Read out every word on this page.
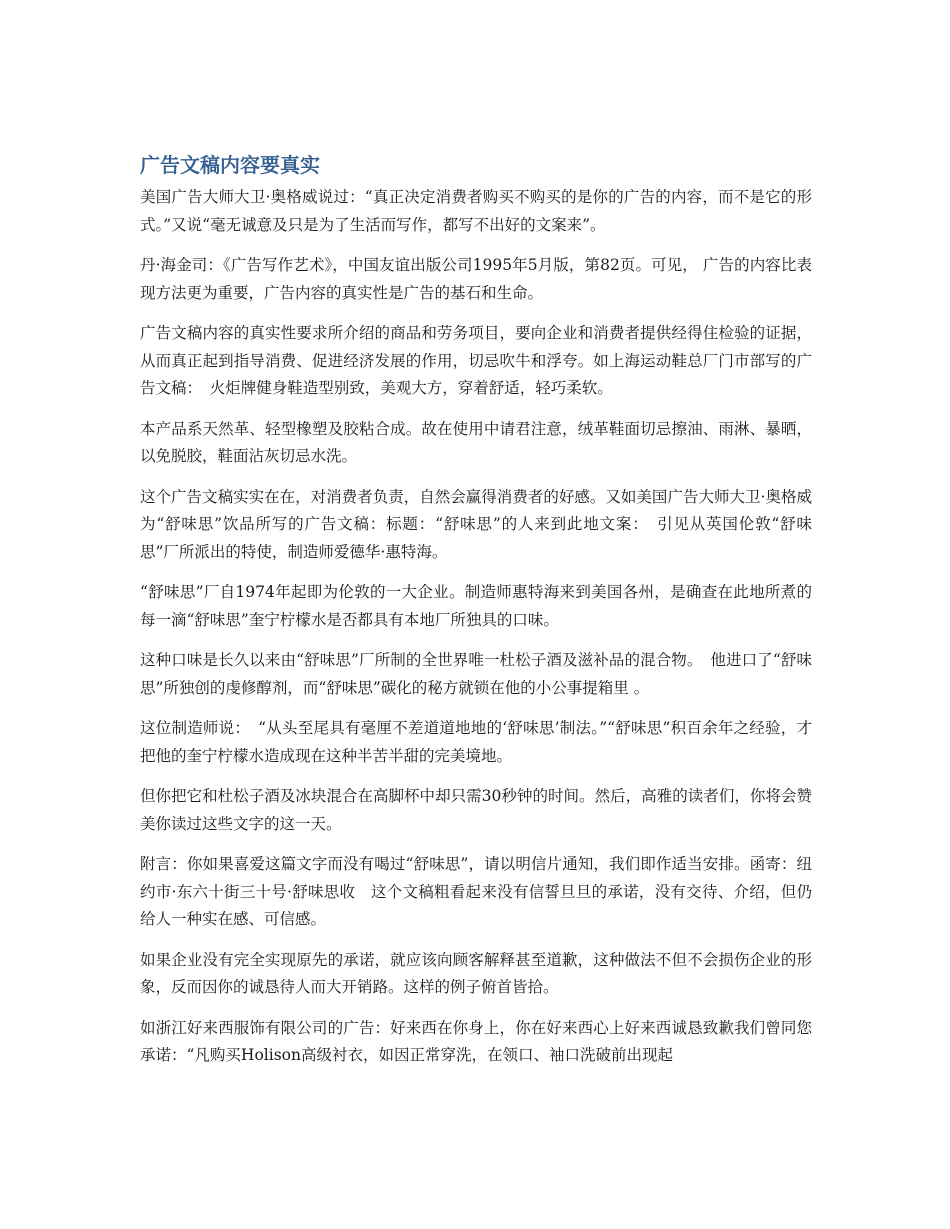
广告文稿内容要真实

美国广告大师大卫·奥格威说过：“真正决定消费者购买不购买的是你的广告的内容，而不是它的形式。”又说“毫无诚意及只是为了生活而写作，都写不出好的文案来”。

丹·海金司：《广告写作艺术》，中国友谊出版公司1995年5月版，第82页。可见， 广告的内容比表现方法更为重要，广告内容的真实性是广告的基石和生命。

广告文稿内容的真实性要求所介绍的商品和劳务项目，要向企业和消费者提供经得住检验的证据，从而真正起到指导消费、促进经济发展的作用，切忌吹牛和浮夸。如上海运动鞋总厂门市部写的广告文稿：　火炬牌健身鞋造型别致，美观大方，穿着舒适，轻巧柔软。

本产品系天然革、轻型橡塑及胶粘合成。故在使用中请君注意，绒革鞋面切忌擦油、雨淋、暴晒，以免脱胶，鞋面沾灰切忌水洗。

这个广告文稿实实在在，对消费者负责，自然会赢得消费者的好感。又如美国广告大师大卫·奥格威为“舒味思”饮品所写的广告文稿：标题：“舒味思”的人来到此地文案：　引见从英国伦敦“舒味思”厂所派出的特使，制造师爱德华·惠特海。

“舒味思”厂自1974年起即为伦敦的一大企业。制造师惠特海来到美国各州，是确查在此地所煮的每一滴“舒味思”奎宁柠檬水是否都具有本地厂所独具的口味。

这种口味是长久以来由“舒味思”厂所制的全世界唯一杜松子酒及滋补品的混合物。　他进口了“舒味思”所独创的虔修醇剂，而“舒味思”碳化的秘方就锁在他的小公事提箱里 。

这位制造师说：　“从头至尾具有毫厘不差道道地地的‘舒味思’制法。”“舒味思”积百余年之经验，才把他的奎宁柠檬水造成现在这种半苦半甜的完美境地。

但你把它和杜松子酒及冰块混合在高脚杯中却只需30秒钟的时间。然后，高雅的读者们，你将会赞美你读过这些文字的这一天。

附言：你如果喜爱这篇文字而没有喝过“舒味思”，请以明信片通知，我们即作适当安排。函寄：纽约市·东六十街三十号·舒味思收　这个文稿粗看起来没有信誓旦旦的承诺，没有交待、介绍，但仍给人一种实在感、可信感。

如果企业没有完全实现原先的承诺，就应该向顾客解释甚至道歉，这种做法不但不会损伤企业的形象，反而因你的诚恳待人而大开销路。这样的例子俯首皆拾。

如浙江好来西服饰有限公司的广告：好来西在你身上，你在好来西心上好来西诚恳致歉我们曾同您承诺：“凡购买Holison高级衬衣，如因正常穿洗，在领口、袖口洗破前出现起
